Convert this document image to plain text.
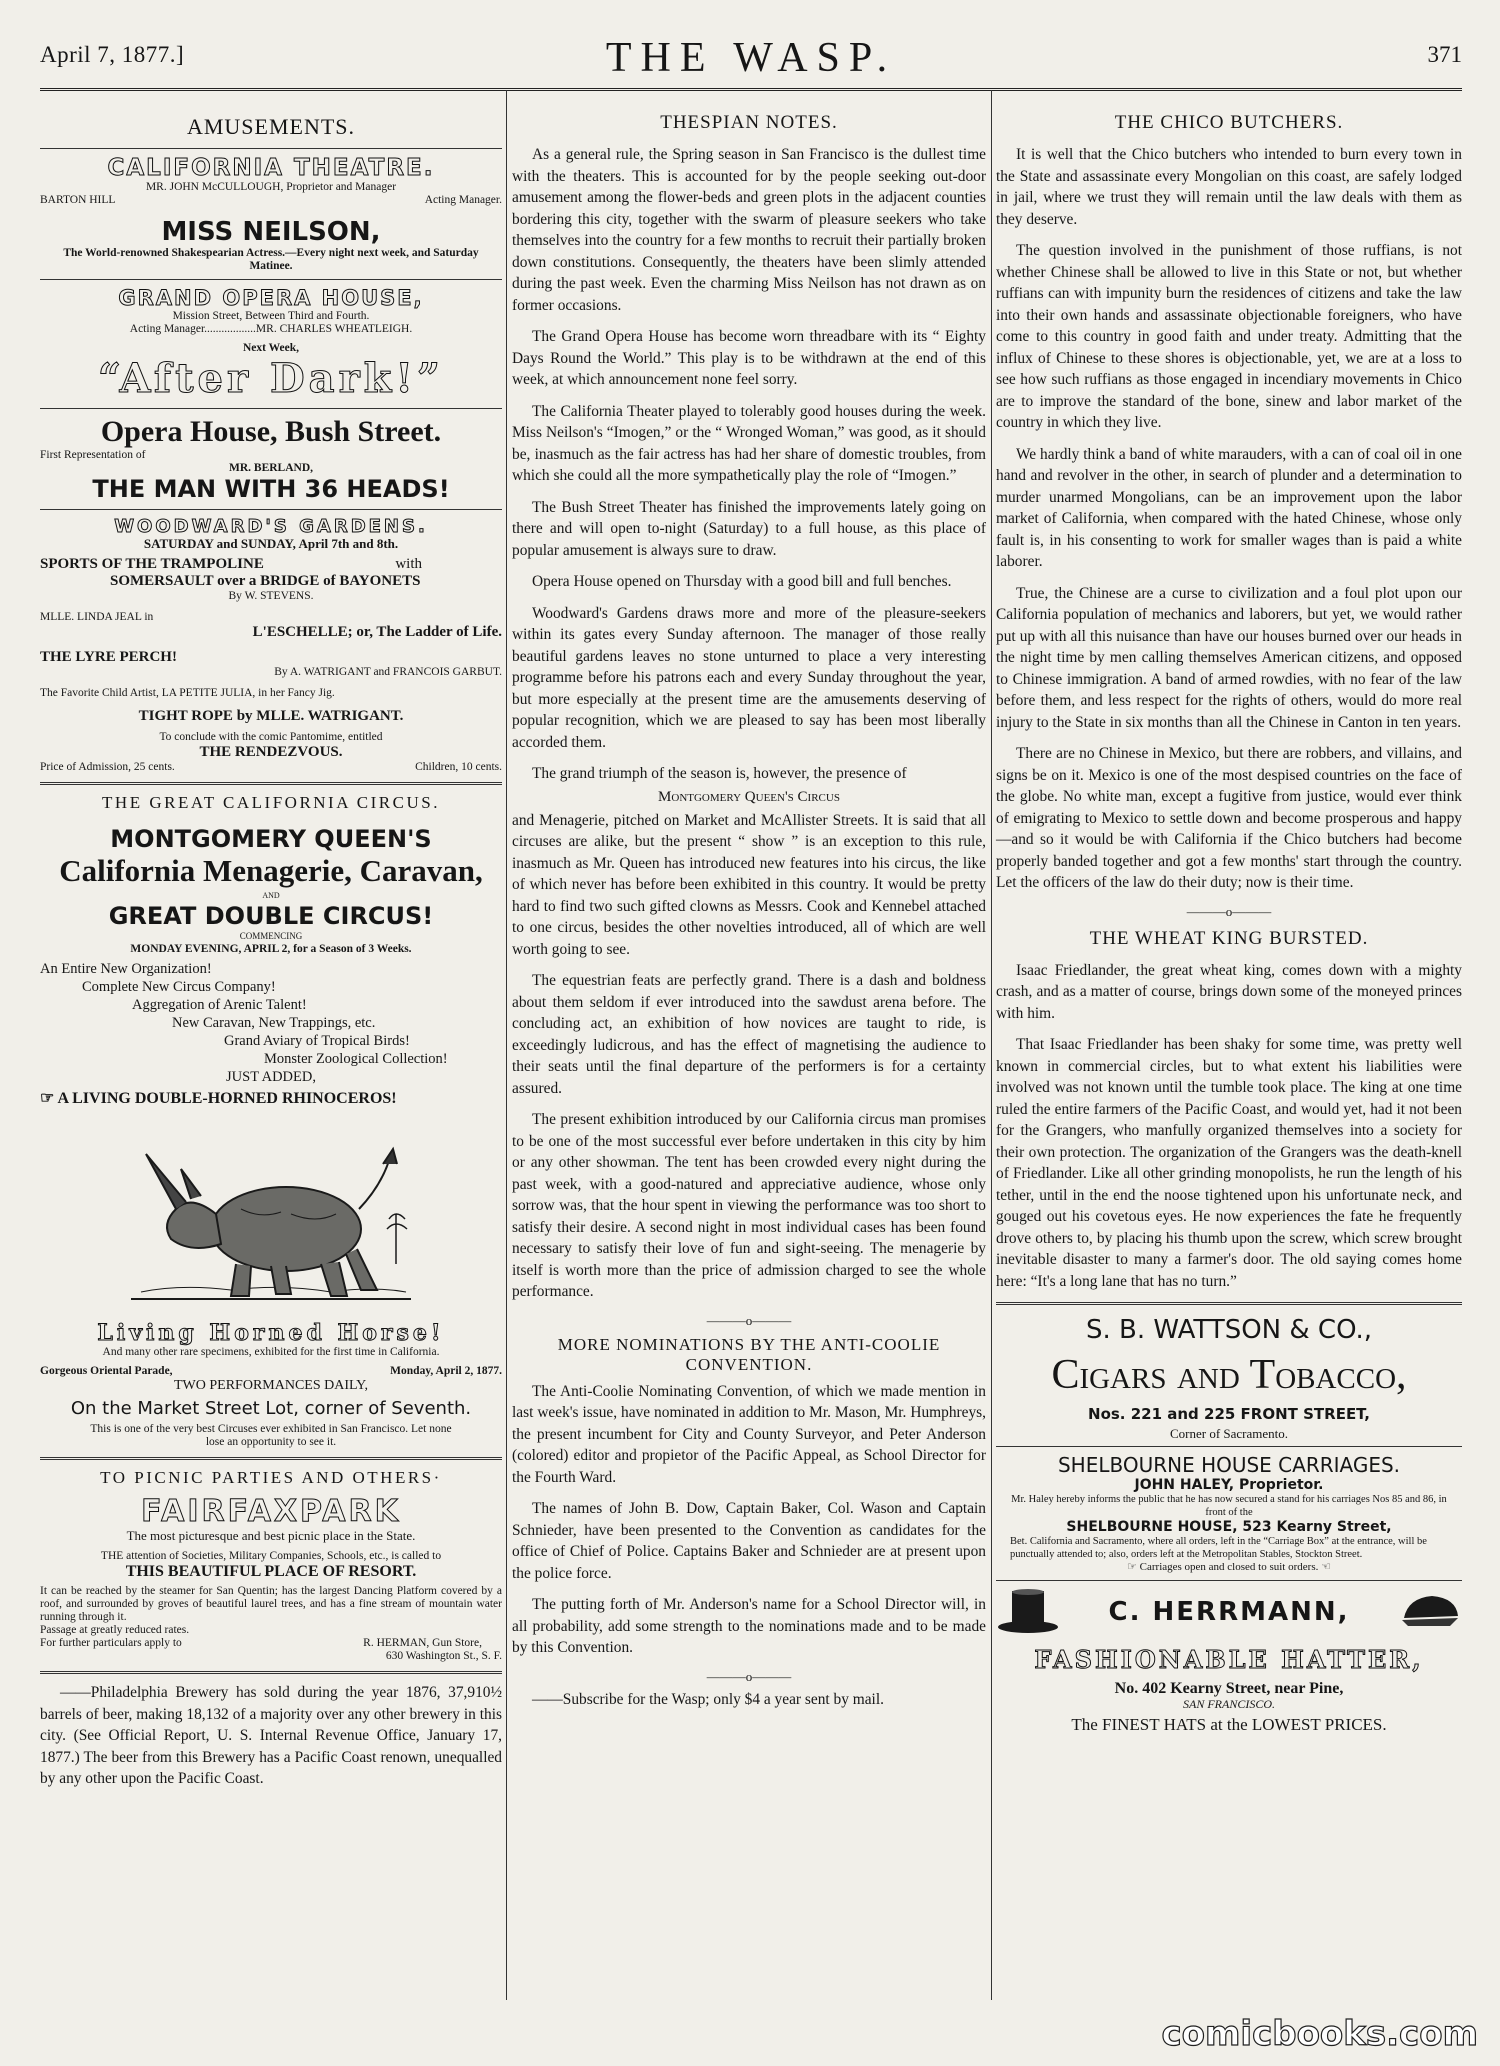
April 7, 1877.]	THE WASP.	371
AMUSEMENTS.
CALIFORNIA THEATRE.
MR. JOHN McCULLOUGH, Proprietor and Manager
BARTON HILL	Acting Manager.
MISS NEILSON,
The World-renowned Shakespearian Actress.—Every night next week, and Saturday Matinee.
GRAND OPERA HOUSE,
Mission Street, Between Third and Fourth.
Acting Manager..................MR. CHARLES WHEATLEIGH.
Next Week,
“After Dark!”
Opera House, Bush Street.
First Representation of
MR. BERLAND,
THE MAN WITH 36 HEADS!
WOODWARD'S GARDENS.
SATURDAY and SUNDAY, April 7th and 8th.
SPORTS OF THE TRAMPOLINE	with
SOMERSAULT over a BRIDGE of BAYONETS
By W. STEVENS.
MLLE. LINDA JEAL in
L'ESCHELLE; or, The Ladder of Life.
THE LYRE PERCH!
By A. WATRIGANT and FRANCOIS GARBUT.
The Favorite Child Artist, LA PETITE JULIA, in her Fancy Jig.
TIGHT ROPE by MLLE. WATRIGANT.
To conclude with the comic Pantomime, entitled
THE RENDEZVOUS.
Price of Admission, 25 cents.	Children, 10 cents.
THE GREAT CALIFORNIA CIRCUS.
MONTGOMERY QUEEN'S
California Menagerie, Caravan,
AND
GREAT DOUBLE CIRCUS!
COMMENCING
MONDAY EVENING, APRIL 2, for a Season of 3 Weeks.
An Entire New Organization!
Complete New Circus Company!
Aggregation of Arenic Talent!
New Caravan, New Trappings, etc.
Grand Aviary of Tropical Birds!
Monster Zoological Collection!
JUST ADDED,
☞ A LIVING DOUBLE-HORNED RHINOCEROS!
Living Horned Horse!
And many other rare specimens, exhibited for the first time in California.
Gorgeous Oriental Parade,	Monday, April 2, 1877.
TWO PERFORMANCES DAILY,
On the Market Street Lot, corner of Seventh.
This is one of the very best Circuses ever exhibited in San Francisco. Let none lose an opportunity to see it.
TO PICNIC PARTIES AND OTHERS·
FAIRFAXPARK
The most picturesque and best picnic place in the State.
THE attention of Societies, Military Companies, Schools, etc., is called to
THIS BEAUTIFUL PLACE OF RESORT.
It can be reached by the steamer for San Quentin; has the largest Dancing Platform covered by a roof, and surrounded by groves of beautiful laurel trees, and has a fine stream of mountain water running through it.
Passage at greatly reduced rates.
For further particulars apply to	R. HERMAN, Gun Store,
630 Washington St., S. F.
——Philadelphia Brewery has sold during the year 1876, 37,910½ barrels of beer, making 18,132 of a majority over any other brewery in this city. (See Official Report, U. S. Internal Revenue Office, January 17, 1877.) The beer from this Brewery has a Pacific Coast renown, unequalled by any other upon the Pacific Coast.
THESPIAN NOTES.
As a general rule, the Spring season in San Francisco is the dullest time with the theaters. This is accounted for by the people seeking out-door amusement among the flower-beds and green plots in the adjacent counties bordering this city, together with the swarm of pleasure seekers who take themselves into the country for a few months to recruit their partially broken down constitutions. Consequently, the theaters have been slimly attended during the past week. Even the charming Miss Neilson has not drawn as on former occasions.
The Grand Opera House has become worn threadbare with its “ Eighty Days Round the World.” This play is to be withdrawn at the end of this week, at which announcement none feel sorry.
The California Theater played to tolerably good houses during the week. Miss Neilson's “Imogen,” or the “ Wronged Woman,” was good, as it should be, inasmuch as the fair actress has had her share of domestic troubles, from which she could all the more sympathetically play the role of “Imogen.”
The Bush Street Theater has finished the improvements lately going on there and will open to-night (Saturday) to a full house, as this place of popular amusement is always sure to draw.
Opera House opened on Thursday with a good bill and full benches.
Woodward's Gardens draws more and more of the pleasure-seekers within its gates every Sunday afternoon. The manager of those really beautiful gardens leaves no stone unturned to place a very interesting programme before his patrons each and every Sunday throughout the year, but more especially at the present time are the amusements deserving of popular recognition, which we are pleased to say has been most liberally accorded them.
The grand triumph of the season is, however, the presence of
Montgomery Queen's Circus
and Menagerie, pitched on Market and McAllister Streets. It is said that all circuses are alike, but the present “ show ” is an exception to this rule, inasmuch as Mr. Queen has introduced new features into his circus, the like of which never has before been exhibited in this country. It would be pretty hard to find two such gifted clowns as Messrs. Cook and Kennebel attached to one circus, besides the other novelties introduced, all of which are well worth going to see.
The equestrian feats are perfectly grand. There is a dash and boldness about them seldom if ever introduced into the sawdust arena before. The concluding act, an exhibition of how novices are taught to ride, is exceedingly ludicrous, and has the effect of magnetising the audience to their seats until the final departure of the performers is for a certainty assured.
The present exhibition introduced by our California circus man promises to be one of the most successful ever before undertaken in this city by him or any other showman. The tent has been crowded every night during the past week, with a good-natured and appreciative audience, whose only sorrow was, that the hour spent in viewing the performance was too short to satisfy their desire. A second night in most individual cases has been found necessary to satisfy their love of fun and sight-seeing. The menagerie by itself is worth more than the price of admission charged to see the whole performance.
———o———
MORE NOMINATIONS BY THE ANTI-COOLIE CONVENTION.
The Anti-Coolie Nominating Convention, of which we made mention in last week's issue, have nominated in addition to Mr. Mason, Mr. Humphreys, the present incumbent for City and County Surveyor, and Peter Anderson (colored) editor and propietor of the Pacific Appeal, as School Director for the Fourth Ward.
The names of John B. Dow, Captain Baker, Col. Wason and Captain Schnieder, have been presented to the Convention as candidates for the office of Chief of Police. Captains Baker and Schnieder are at present upon the police force.
The putting forth of Mr. Anderson's name for a School Director will, in all probability, add some strength to the nominations made and to be made by this Convention.
———o———
——Subscribe for the Wasp; only $4 a year sent by mail.
THE CHICO BUTCHERS.
It is well that the Chico butchers who intended to burn every town in the State and assassinate every Mongolian on this coast, are safely lodged in jail, where we trust they will remain until the law deals with them as they deserve.
The question involved in the punishment of those ruffians, is not whether Chinese shall be allowed to live in this State or not, but whether ruffians can with impunity burn the residences of citizens and take the law into their own hands and assassinate objectionable foreigners, who have come to this country in good faith and under treaty. Admitting that the influx of Chinese to these shores is objectionable, yet, we are at a loss to see how such ruffians as those engaged in incendiary movements in Chico are to improve the standard of the bone, sinew and labor market of the country in which they live.
We hardly think a band of white marauders, with a can of coal oil in one hand and revolver in the other, in search of plunder and a determination to murder unarmed Mongolians, can be an improvement upon the labor market of California, when compared with the hated Chinese, whose only fault is, in his consenting to work for smaller wages than is paid a white laborer.
True, the Chinese are a curse to civilization and a foul plot upon our California population of mechanics and laborers, but yet, we would rather put up with all this nuisance than have our houses burned over our heads in the night time by men calling themselves American citizens, and opposed to Chinese immigration. A band of armed rowdies, with no fear of the law before them, and less respect for the rights of others, would do more real injury to the State in six months than all the Chinese in Canton in ten years.
There are no Chinese in Mexico, but there are robbers, and villains, and signs be on it. Mexico is one of the most despised countries on the face of the globe. No white man, except a fugitive from justice, would ever think of emigrating to Mexico to settle down and become prosperous and happy—and so it would be with California if the Chico butchers had become properly banded together and got a few months' start through the country. Let the officers of the law do their duty; now is their time.
———o———
THE WHEAT KING BURSTED.
Isaac Friedlander, the great wheat king, comes down with a mighty crash, and as a matter of course, brings down some of the moneyed princes with him.
That Isaac Friedlander has been shaky for some time, was pretty well known in commercial circles, but to what extent his liabilities were involved was not known until the tumble took place. The king at one time ruled the entire farmers of the Pacific Coast, and would yet, had it not been for the Grangers, who manfully organized themselves into a society for their own protection. The organization of the Grangers was the death-knell of Friedlander. Like all other grinding monopolists, he run the length of his tether, until in the end the noose tightened upon his unfortunate neck, and gouged out his covetous eyes. He now experiences the fate he frequently drove others to, by placing his thumb upon the screw, which screw brought inevitable disaster to many a farmer's door. The old saying comes home here: “It's a long lane that has no turn.”
S. B. WATTSON & CO.,
Cigars and Tobacco,
Nos. 221 and 225 FRONT STREET,
Corner of Sacramento.
SHELBOURNE HOUSE CARRIAGES.
JOHN HALEY, Proprietor.
Mr. Haley hereby informs the public that he has now secured a stand for his carriages Nos 85 and 86, in front of the
SHELBOURNE HOUSE, 523 Kearny Street,
Bet. California and Sacramento, where all orders, left in the “Carriage Box” at the entrance, will be punctually attended to; also, orders left at the Metropolitan Stables, Stockton Street.
☞ Carriages open and closed to suit orders. ☜
C. HERRMANN,
FASHIONABLE HATTER,
No. 402 Kearny Street, near Pine,
SAN FRANCISCO.
The FINEST HATS at the LOWEST PRICES.
comicbooks.com
